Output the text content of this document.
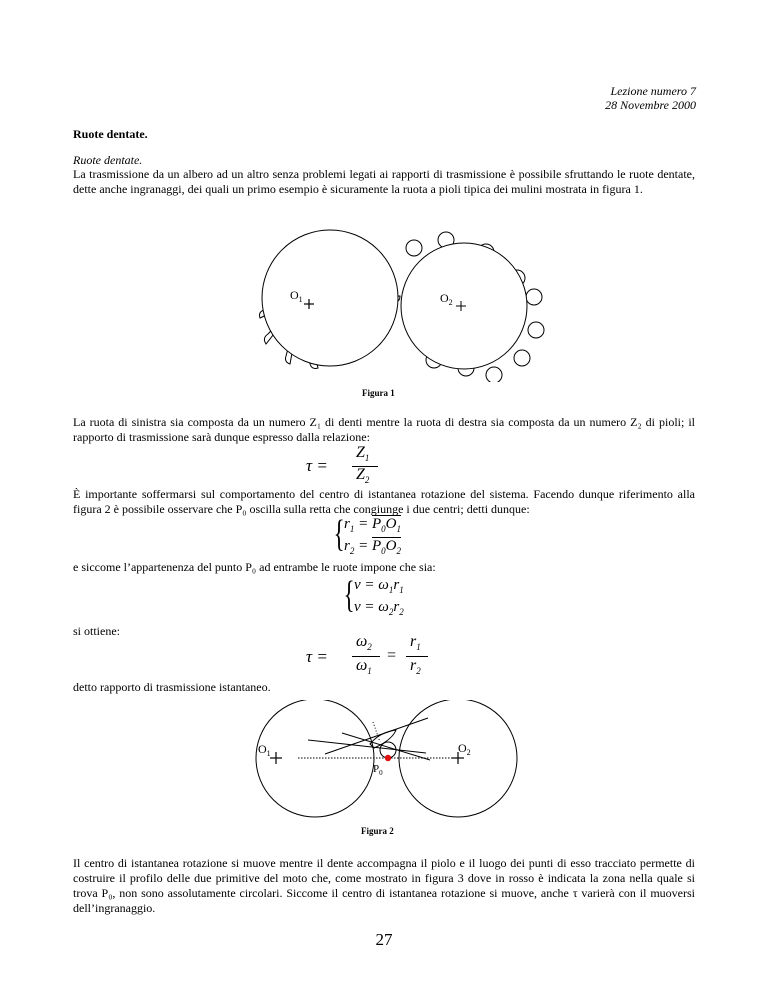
Lezione numero 7
28 Novembre 2000
Ruote dentate.
Ruote dentate.
La trasmissione da un albero ad un altro senza problemi legati ai rapporti di trasmissione è possibile sfruttando le ruote dentate, dette anche ingranaggi, dei quali un primo esempio è sicuramente la ruota a pioli tipica dei mulini mostrata in figura 1.
$O_1$	$O_2$
Figura 1
La ruota di sinistra sia composta da un numero Z₁ di denti mentre la ruota di destra sia composta da un numero Z₂ di pioli; il rapporto di trasmissione sarà dunque espresso dalla relazione:
τ =
$Z_1$
$Z_2$
È importante soffermarsi sul comportamento del centro di istantanea rotazione del sistema. Facendo dunque riferimento alla figura 2 è possibile osservare che P₀ oscilla sulla retta che congiunge i due centri; detti dunque:
{ $r_1 = P_0O_1$
$r_2 = P_0O_2$
e siccome l’appartenenza del punto P₀ ad entrambe le ruote impone che sia:
{ $v = \omega_1r_1$
$v = \omega_2r_2$
si ottiene:
τ =
$\omega_2$
$\omega_1$
=
$r_1$
$r_2$
detto rapporto di trasmissione istantaneo.
$O_1$	$O_2$
$P_0$
Figura 2
Il centro di istantanea rotazione si muove mentre il dente accompagna il piolo e il luogo dei punti di esso tracciato permette di costruire il profilo delle due primitive del moto che, come mostrato in figura 3 dove in rosso è indicata la zona nella quale si trova P₀, non sono assolutamente circolari. Siccome il centro di istantanea rotazione si muove, anche τ varierà con il muoversi dell’ingranaggio.
27
